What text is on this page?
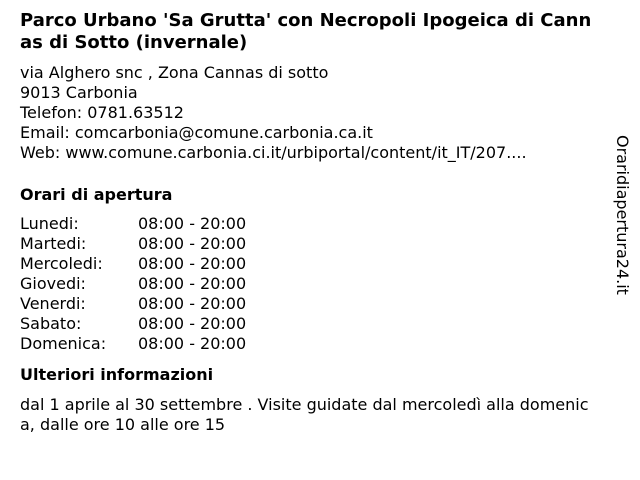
Parco Urbano 'Sa Grutta' con Necropoli Ipogeica di Cannas di Sotto (invernale)
via Alghero snc , Zona Cannas di sotto
9013 Carbonia
Telefon: 0781.63512
Email: comcarbonia@comune.carbonia.ca.it
Web: www.comune.carbonia.ci.it/urbiportal/content/it_IT/207....
Orari di apertura
Lunedi:	08:00 - 20:00
Martedi:	08:00 - 20:00
Mercoledi:	08:00 - 20:00
Giovedi:	08:00 - 20:00
Venerdi:	08:00 - 20:00
Sabato:	08:00 - 20:00
Domenica:	08:00 - 20:00
Ulteriori informazioni
dal 1 aprile al 30 settembre . Visite guidate dal mercoledì alla domenica, dalle ore 10 alle ore 15
Oraridiapertura24.it
